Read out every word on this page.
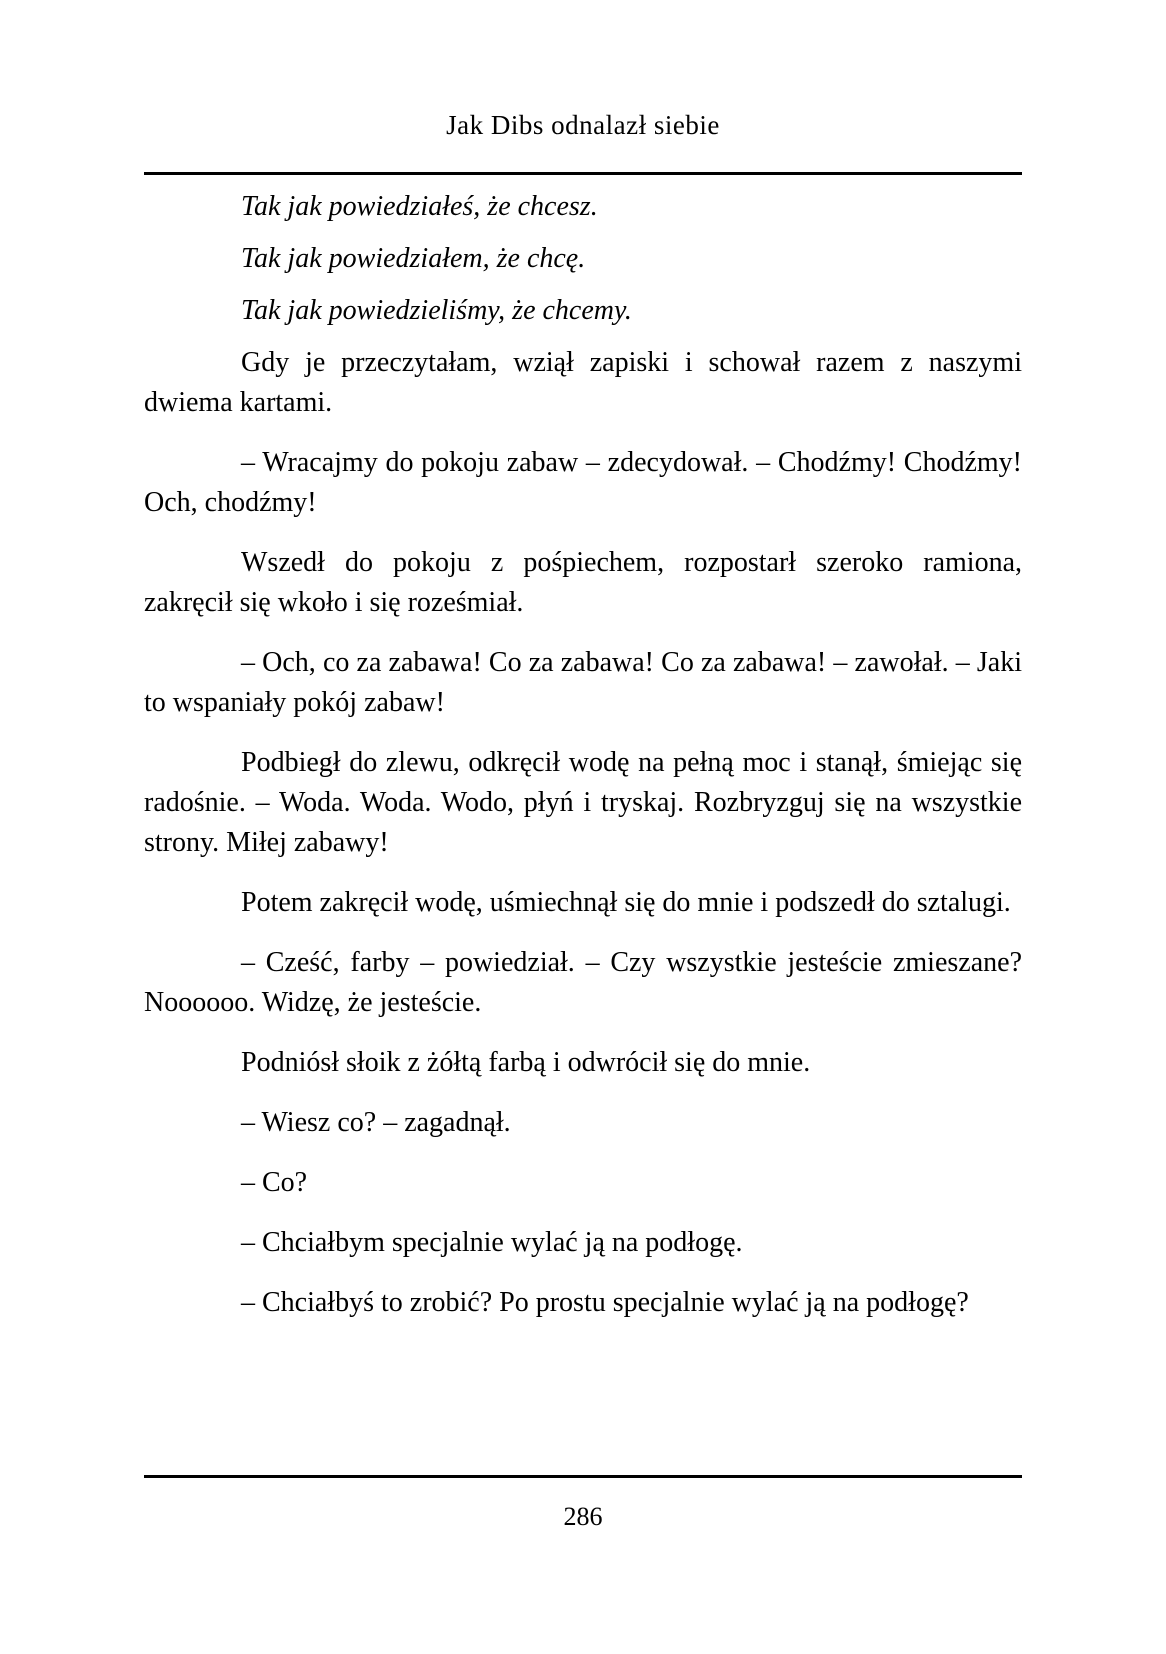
Jak Dibs odnalazł siebie

Tak jak powiedziałeś, że chcesz.

Tak jak powiedziałem, że chcę.

Tak jak powiedzieliśmy, że chcemy.

Gdy je przeczytałam, wziął zapiski i schował razem z naszymi dwiema kartami.

– Wracajmy do pokoju zabaw – zdecydował. – Chodźmy! Chodźmy! Och, chodźmy!

Wszedł do pokoju z pośpiechem, rozpostarł szeroko ramiona, zakręcił się wkoło i się roześmiał.

– Och, co za zabawa! Co za zabawa! Co za zabawa! – zawołał. – Jaki to wspaniały pokój zabaw!

Podbiegł do zlewu, odkręcił wodę na pełną moc i stanął, śmiejąc się radośnie. – Woda. Woda. Wodo, płyń i tryskaj. Rozbryzguj się na wszystkie strony. Miłej zabawy!

Potem zakręcił wodę, uśmiechnął się do mnie i podszedł do sztalugi.

– Cześć, farby – powiedział. – Czy wszystkie jesteście zmieszane? Noooooo. Widzę, że jesteście.

Podniósł słoik z żółtą farbą i odwrócił się do mnie.

– Wiesz co? – zagadnął.

– Co?

– Chciałbym specjalnie wylać ją na podłogę.

– Chciałbyś to zrobić? Po prostu specjalnie wylać ją na podłogę?

286
